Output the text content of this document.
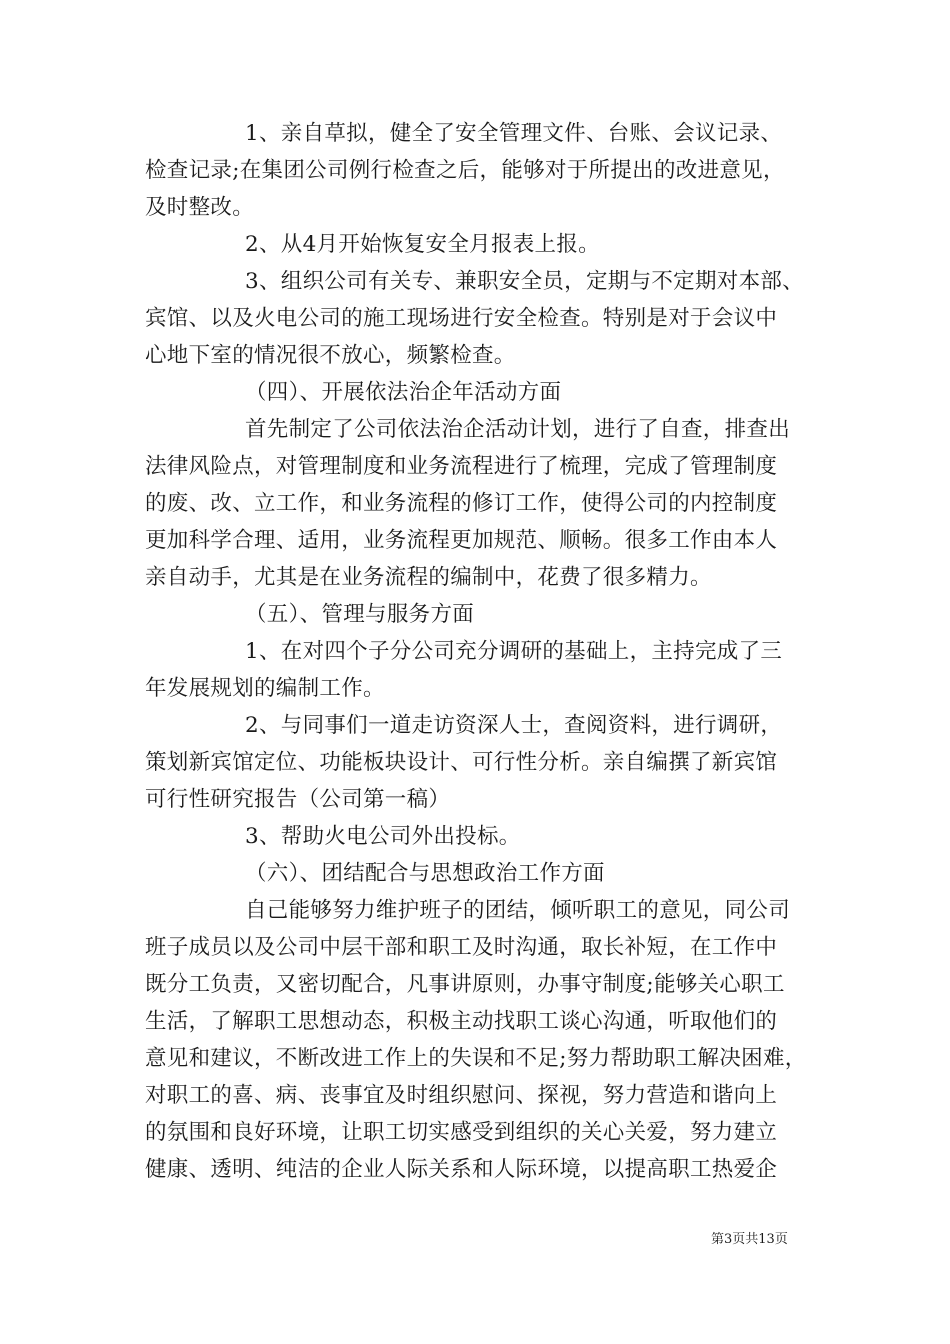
1、亲自草拟，健全了安全管理文件、台账、会议记录、
检查记录;在集团公司例行检查之后，能够对于所提出的改进意见，
及时整改。
2、从4月开始恢复安全月报表上报。
3、组织公司有关专、兼职安全员，定期与不定期对本部、
宾馆、以及火电公司的施工现场进行安全检查。特别是对于会议中
心地下室的情况很不放心，频繁检查。
（四）、开展依法治企年活动方面
首先制定了公司依法治企活动计划，进行了自查，排查出
法律风险点，对管理制度和业务流程进行了梳理，完成了管理制度
的废、改、立工作，和业务流程的修订工作，使得公司的内控制度
更加科学合理、适用，业务流程更加规范、顺畅。很多工作由本人
亲自动手，尤其是在业务流程的编制中，花费了很多精力。
（五）、管理与服务方面
1、在对四个子分公司充分调研的基础上，主持完成了三
年发展规划的编制工作。
2、与同事们一道走访资深人士，查阅资料，进行调研，
策划新宾馆定位、功能板块设计、可行性分析。亲自编撰了新宾馆
可行性研究报告（公司第一稿）
3、帮助火电公司外出投标。
（六）、团结配合与思想政治工作方面
自己能够努力维护班子的团结，倾听职工的意见，同公司
班子成员以及公司中层干部和职工及时沟通，取长补短，在工作中
既分工负责，又密切配合，凡事讲原则，办事守制度;能够关心职工
生活，了解职工思想动态，积极主动找职工谈心沟通，听取他们的
意见和建议，不断改进工作上的失误和不足;努力帮助职工解决困难，
对职工的喜、病、丧事宜及时组织慰问、探视，努力营造和谐向上
的氛围和良好环境，让职工切实感受到组织的关心关爱，努力建立
健康、透明、纯洁的企业人际关系和人际环境，以提高职工热爱企
第3页共13页
